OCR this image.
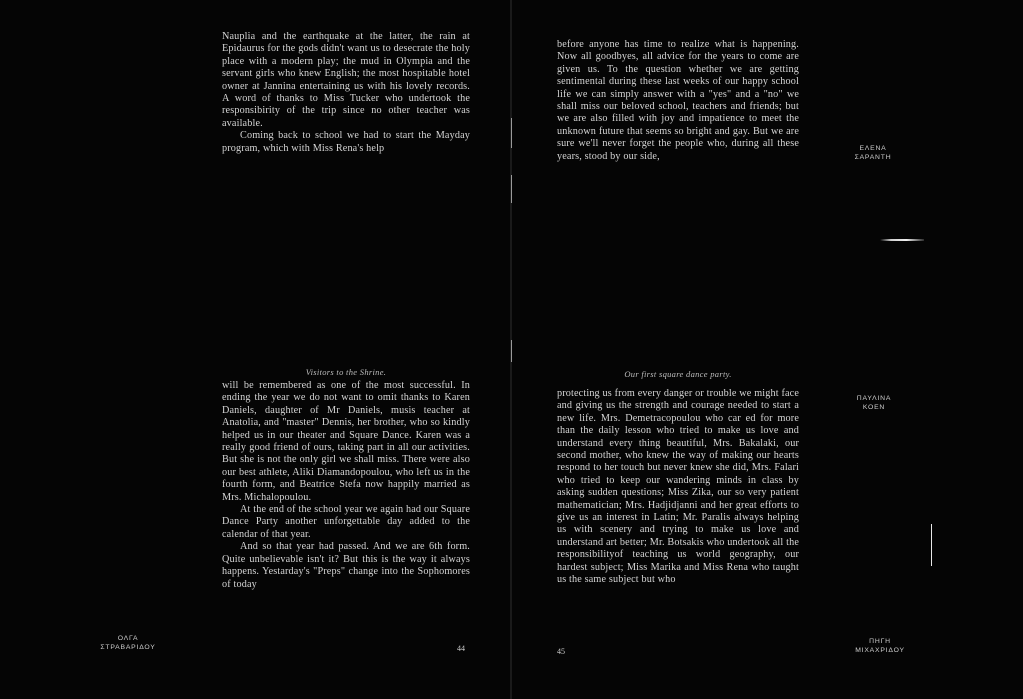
Nauplia and the earthquake at the latter, the rain at Epidaurus for the gods didn't want us to desecrate the holy place with a modern play; the mud in Olympia and the servant girls who knew English; the most hospitable hotel owner at Jannina entertaining us with his lovely records. A word of thanks to Miss Tucker who undertook the responsibirity of the trip since no other teacher was available.

Coming back to school we had to start the Mayday program, which with Miss Rena's help

Visitors to the Shrine.

will be remembered as one of the most successful. In ending the year we do not want to omit thanks to Karen Daniels, daughter of Mr Daniels, musis teacher at Anatolia, and "master" Dennis, her brother, who so kindly helped us in our theater and Square Dance. Karen was a really good friend of ours, taking part in all our activities. But she is not the only girl we shall miss. There were also our best athlete, Aliki Diamandopoulou, who left us in the fourth form, and Beatrice Stefa now happily married as Mrs. Michalopoulou.

At the end of the school year we again had our Square Dance Party another unforgettable day added to the calendar of that year.

And so that year had passed. And we are 6th form. Quite unbelievable isn't it? But this is the way it always happens. Yestarday's "Preps" change into the Sophomores of today

44
ΟΛΓΑ
ΣΤΡΑΒΑΡΙΔΟΥ

before anyone has time to realize what is happening. Now all goodbyes, all advice for the years to come are given us. To the question whether we are getting sentimental during these last weeks of our happy school life we can simply answer with a "yes" and a "no" we shall miss our beloved school, teachers and friends; but we are also filled with joy and impatience to meet the unknown future that seems so bright and gay. But we are sure we'll never forget the people who, during all these years, stood by our side,

ΕΛΕΝΑ
ΣΑΡΑΝΤΗ
Our first square dance party.

protecting us from every danger or trouble we might face and giving us the strength and courage needed to start a new life. Mrs. Demetracopoulou who car ed for more than the daily lesson who tried to make us love and understand every thing beautiful, Mrs. Bakalaki, our second mother, who knew the way of making our hearts respond to her touch but never knew she did, Mrs. Falari who tried to keep our wandering minds in class by asking sudden questions; Miss Zika, our so very patient mathematician; Mrs. Hadjidjanni and her great efforts to give us an interest in Latin; Mr. Paralis always helping us with scenery and trying to make us love and understand art better; Mr. Botsakis who undertook all the responsibilityof teaching us world geography, our hardest subject; Miss Marika and Miss Rena who taught us the same subject but who

ΠΑΥΛΙΝΑ
ΚΟΕΝ
45
ΠΗΓΗ
ΜΙΧΑΧΡΙΔΟΥ
